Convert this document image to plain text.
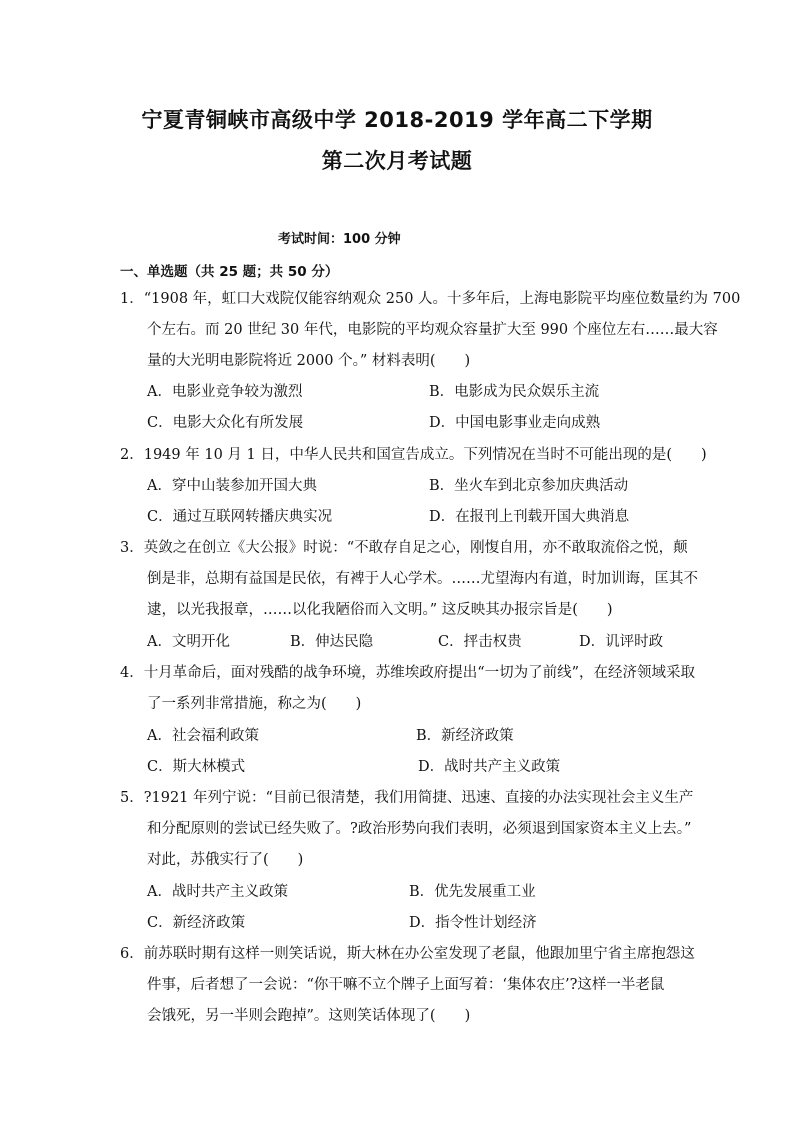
宁夏青铜峡市高级中学 2018-2019 学年高二下学期
第二次月考试题
考试时间：100 分钟
一、单选题（共 25 题；共 50 分）
1．“1908 年，虹口大戏院仅能容纳观众 250 人。十多年后，上海电影院平均座位数量约为 700
个左右。而 20 世纪 30 年代，电影院的平均观众容量扩大至 990 个座位左右……最大容
量的大光明电影院将近 2000 个。” 材料表明(　　)
A．电影业竞争较为激烈	B．电影成为民众娱乐主流
C．电影大众化有所发展	D．中国电影事业走向成熟
2．1949 年 10 月 1 日，中华人民共和国宣告成立。下列情况在当时不可能出现的是(　　)
A．穿中山装参加开国大典	B．坐火车到北京参加庆典活动
C．通过互联网转播庆典实况	D．在报刊上刊载开国大典消息
3．英敛之在创立《大公报》时说：“不敢存自足之心，刚愎自用，亦不敢取流俗之悦，颠
倒是非，总期有益国是民依，有裨于人心学术。……尤望海内有道，时加训诲，匡其不
逮，以光我报章，……以化我陋俗而入文明。” 这反映其办报宗旨是(　　)
A．文明开化	B．伸达民隐	C．抨击权贵	D．讥评时政
4．十月革命后，面对残酷的战争环境，苏维埃政府提出“一切为了前线”，在经济领域采取
了一系列非常措施，称之为(　　)
A．社会福利政策	B．新经济政策
C．斯大林模式	D．战时共产主义政策
5．?1921 年列宁说：“目前已很清楚，我们用简捷、迅速、直接的办法实现社会主义生产
和分配原则的尝试已经失败了。?政治形势向我们表明，必须退到国家资本主义上去。”
对此，苏俄实行了(　　)
A．战时共产主义政策	B．优先发展重工业
C．新经济政策	D．指令性计划经济
6．前苏联时期有这样一则笑话说，斯大林在办公室发现了老鼠，他跟加里宁省主席抱怨这
件事，后者想了一会说：“你干嘛不立个牌子上面写着：‘集体农庄’?这样一半老鼠
会饿死，另一半则会跑掉”。这则笑话体现了(　　)
